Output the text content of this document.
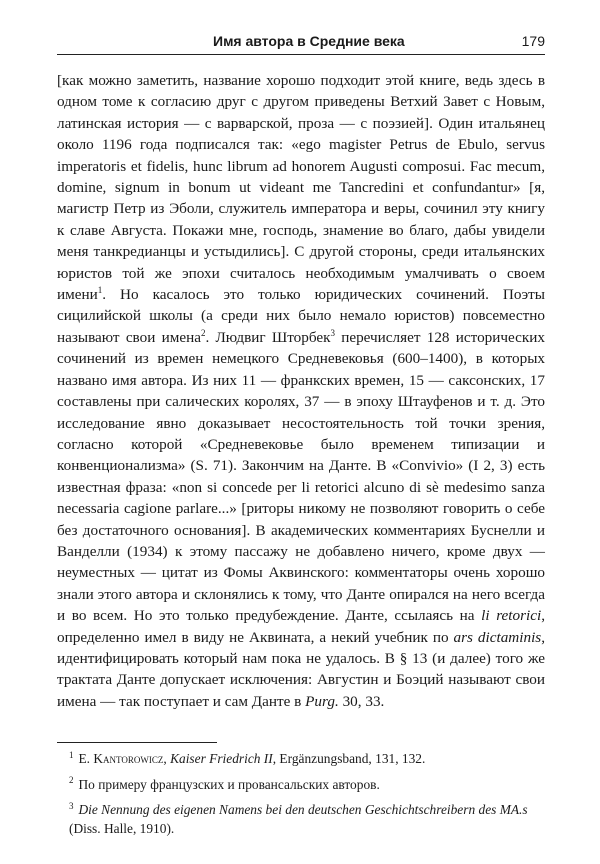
Имя автора в Средние века	179

[как можно заметить, название хорошо подходит этой книге, ведь здесь в одном томе к согласию друг с другом приведены Ветхий Завет с Новым, латинская история — с варварской, проза — с поэзией]. Один итальянец около 1196 года подписался так: «ego magister Petrus de Ebulo, servus imperatoris et fidelis, hunc librum ad honorem Augusti composui. Fac mecum, domine, signum in bonum ut videant me Tancredini et confundantur» [я, магистр Петр из Эболи, служитель императора и веры, сочинил эту книгу к славе Августа. Покажи мне, господь, знамение во благо, дабы увидели меня танкредианцы и устыдились]. С другой стороны, среди итальянских юристов той же эпохи считалось необходимым умалчивать о своем имени$^1$. Но касалось это только юридических сочинений. Поэты сицилийской школы (а среди них было немало юристов) повсеместно называют свои имена$^2$. Людвиг Шторбек$^3$ перечисляет 128 исторических сочинений из времен немецкого Средневековья (600–1400), в которых названо имя автора. Из них 11 — франкских времен, 15 — саксонских, 17 составлены при салических королях, 37 — в эпоху Штауфенов и т. д. Это исследование явно доказывает несостоятельность той точки зрения, согласно которой «Средневековье было временем типизации и конвенционализма» (S. 71). Закончим на Данте. В «Convivio» (I 2, 3) есть известная фраза: «non si concede per li retorici alcuno di sè medesimo sanza necessaria cagione parlare...» [риторы никому не позволяют говорить о себе без достаточного основания]. В академических комментариях Буснелли и Ванделли (1934) к этому пассажу не добавлено ничего, кроме двух — неуместных — цитат из Фомы Аквинского: комментаторы очень хорошо знали этого автора и склонялись к тому, что Данте опирался на него всегда и во всем. Но это только предубеждение. Данте, ссылаясь на li retorici, определенно имел в виду не Аквината, а некий учебник по ars dictaminis, идентифицировать который нам пока не удалось. В § 13 (и далее) того же трактата Данте допускает исключения: Августин и Боэций называют свои имена — так поступает и сам Данте в Purg. 30, 33.

$^1$ E. Kantorowicz, Kaiser Friedrich II, Ergänzungsband, 131, 132.

$^2$ По примеру французских и провансальских авторов.

$^3$ Die Nennung des eigenen Namens bei den deutschen Geschichtschreibern des MA.s (Diss. Halle, 1910).
